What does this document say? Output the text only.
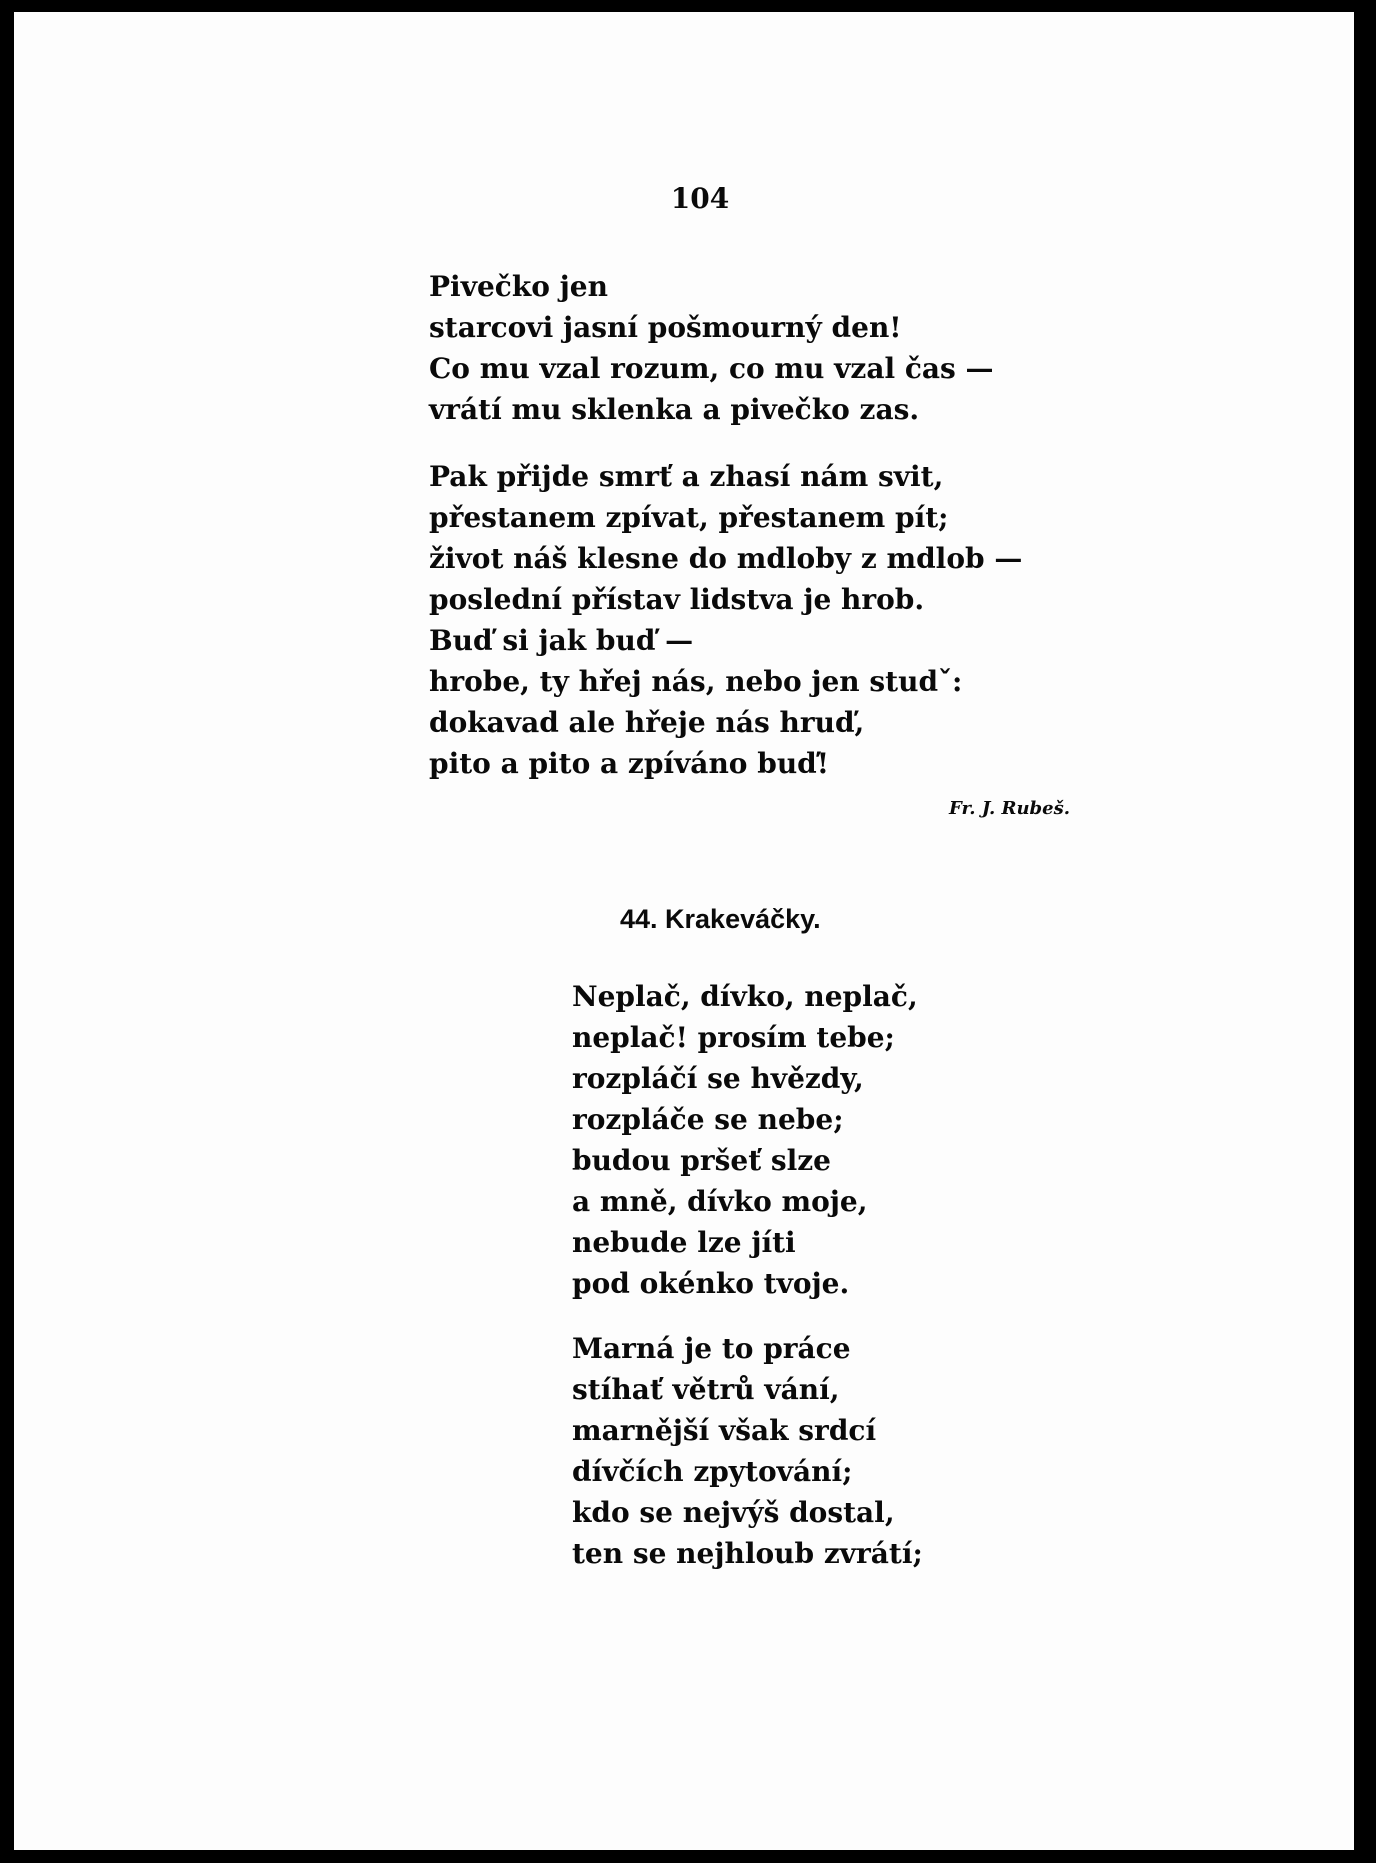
104
Pivečko jen
starcovi jasní pošmourný den!
Co mu vzal rozum, co mu vzal čas —
vrátí mu sklenka a pivečko zas.
Pak přijde smrť a zhasí nám svit,
přestanem zpívat, přestanem pít;
život náš klesne do mdloby z mdlob —
poslední přístav lidstva je hrob.
Buď si jak buď —
hrobe, ty hřej nás, nebo jen studˇ:
dokavad ale hřeje nás hruď,
pito a pito a zpíváno buď!
Fr. J. Rubeš.
44. Krakeváčky.
Neplač, dívko, neplač,
neplač! prosím tebe;
rozpláčí se hvězdy,
rozpláče se nebe;
budou pršeť slze
a mně, dívko moje,
nebude lze jíti
pod okénko tvoje.
Marná je to práce
stíhať větrů vání,
marnější však srdcí
dívčích zpytování;
kdo se nejvýš dostal,
ten se nejhloub zvrátí;
